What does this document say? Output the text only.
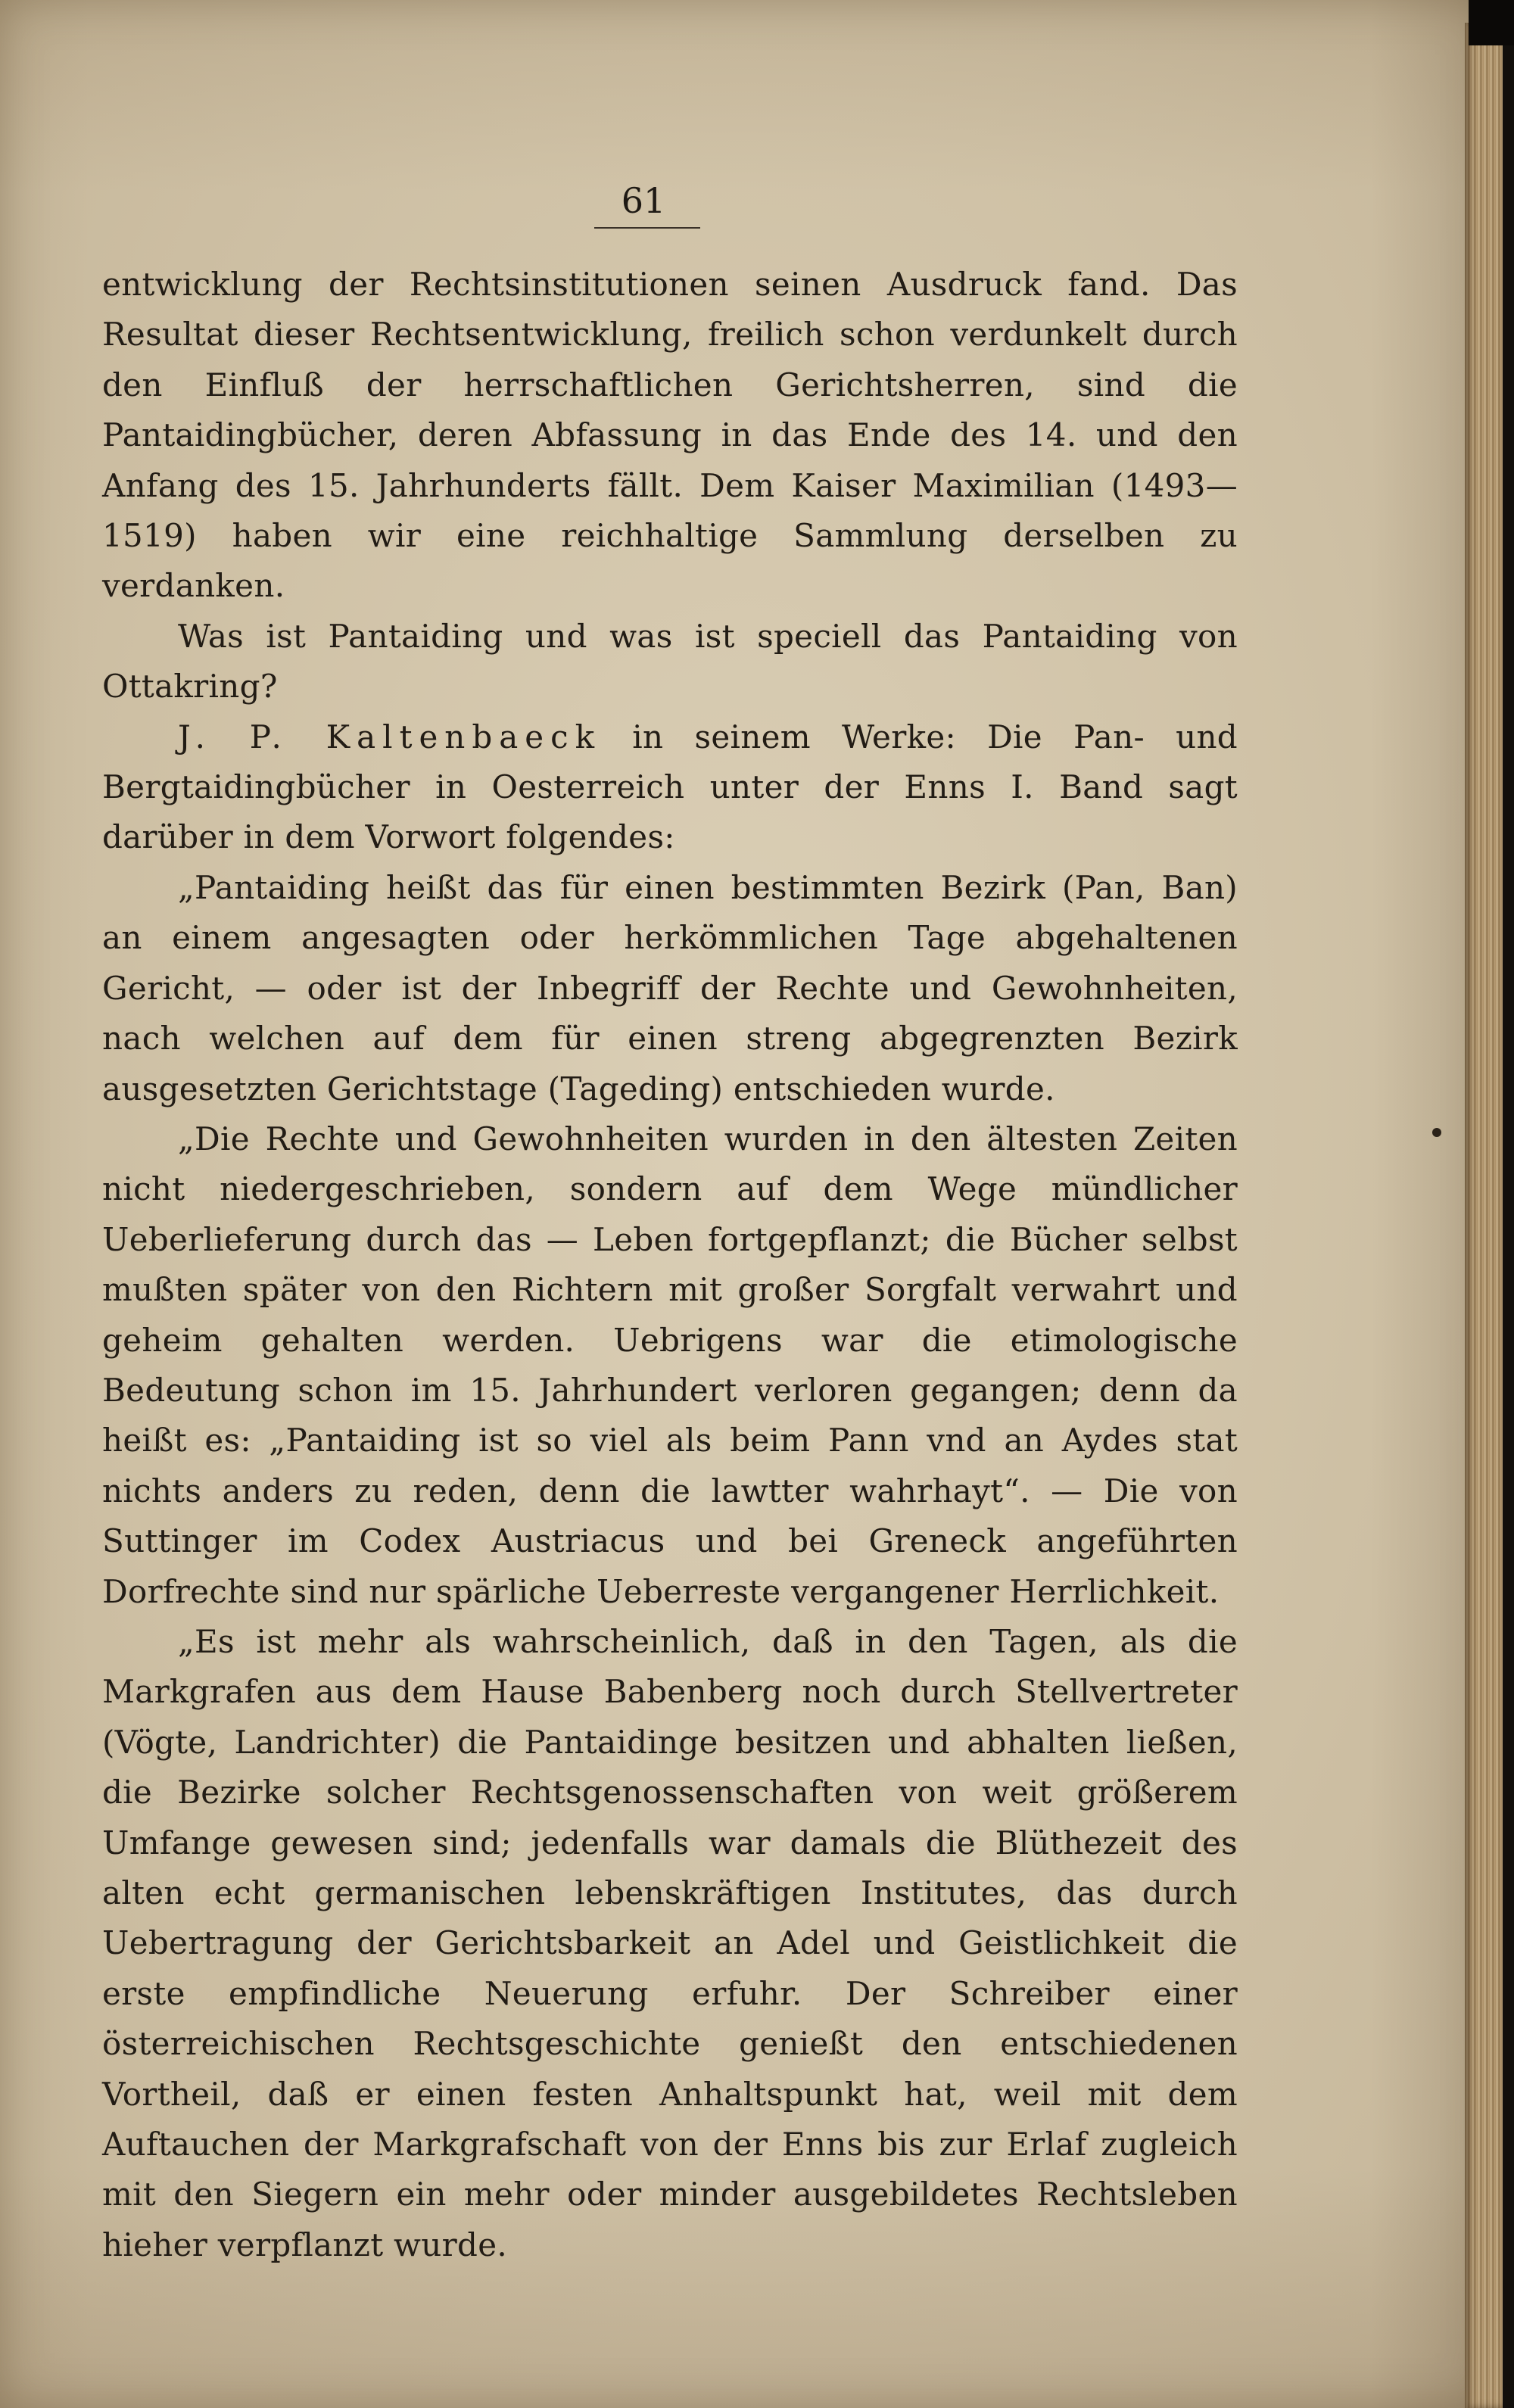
61

entwicklung der Rechtsinstitutionen seinen Ausdruck fand. Das Resultat dieser Rechtsentwicklung, freilich schon verdunkelt durch den Einfluß der herrschaftlichen Gerichtsherren, sind die Pantaidingbücher, deren Abfassung in das Ende des 14. und den Anfang des 15. Jahrhunderts fällt. Dem Kaiser Maximilian (1493—1519) haben wir eine reichhaltige Sammlung derselben zu verdanken.

Was ist Pantaiding und was ist speciell das Pantaiding von Ottakring?

J. P. Kaltenbaeck in seinem Werke: Die Pan- und Bergtaidingbücher in Oesterreich unter der Enns I. Band sagt darüber in dem Vorwort folgendes:

„Pantaiding heißt das für einen bestimmten Bezirk (Pan, Ban) an einem angesagten oder herkömmlichen Tage abgehaltenen Gericht, — oder ist der Inbegriff der Rechte und Gewohnheiten, nach welchen auf dem für einen streng abgegrenzten Bezirk ausgesetzten Gerichtstage (Tageding) entschieden wurde.

„Die Rechte und Gewohnheiten wurden in den ältesten Zeiten nicht niedergeschrieben, sondern auf dem Wege mündlicher Ueberlieferung durch das — Leben fortgepflanzt; die Bücher selbst mußten später von den Richtern mit großer Sorgfalt verwahrt und geheim gehalten werden. Uebrigens war die etimologische Bedeutung schon im 15. Jahrhundert verloren gegangen; denn da heißt es: „Pantaiding ist so viel als beim Pann vnd an Aydes stat nichts anders zu reden, denn die lawtter wahrhayt“. — Die von Suttinger im Codex Austriacus und bei Greneck angeführten Dorfrechte sind nur spärliche Ueberreste vergangener Herrlichkeit.

„Es ist mehr als wahrscheinlich, daß in den Tagen, als die Markgrafen aus dem Hause Babenberg noch durch Stellvertreter (Vögte, Landrichter) die Pantaidinge besitzen und abhalten ließen, die Bezirke solcher Rechtsgenossenschaften von weit größerem Umfange gewesen sind; jedenfalls war damals die Blüthezeit des alten echt germanischen lebenskräftigen Institutes, das durch Uebertragung der Gerichtsbarkeit an Adel und Geistlichkeit die erste empfindliche Neuerung erfuhr. Der Schreiber einer österreichischen Rechtsgeschichte genießt den entschiedenen Vortheil, daß er einen festen Anhaltspunkt hat, weil mit dem Auftauchen der Markgrafschaft von der Enns bis zur Erlaf zugleich mit den Siegern ein mehr oder minder ausgebildetes Rechtsleben hieher verpflanzt wurde.
